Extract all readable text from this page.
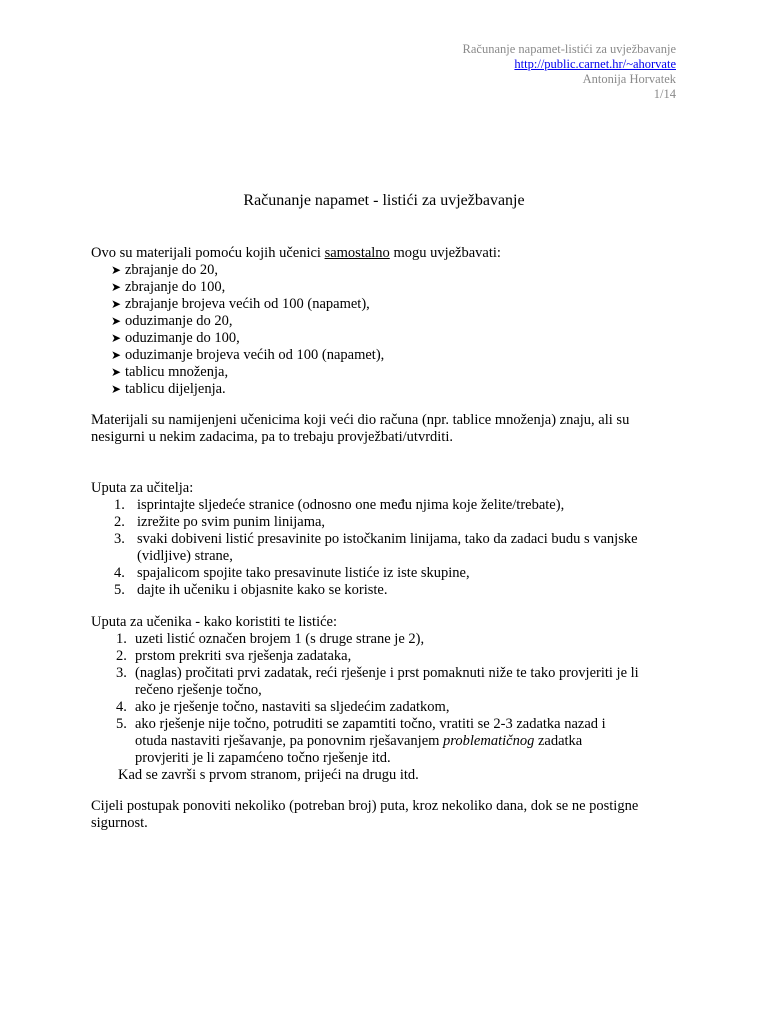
Računanje napamet-listići za uvježbavanje
http://public.carnet.hr/~ahorvate
Antonija Horvatek
1/14
Računanje napamet - listići za uvježbavanje
Ovo su materijali pomoću kojih učenici samostalno mogu uvježbavati:
➤ zbrajanje do 20,
➤ zbrajanje do 100,
➤ zbrajanje brojeva većih od 100 (napamet),
➤ oduzimanje do 20,
➤ oduzimanje do 100,
➤ oduzimanje brojeva većih od 100 (napamet),
➤ tablicu množenja,
➤ tablicu dijeljenja.
Materijali su namijenjeni učenicima koji veći dio računa (npr. tablice množenja) znaju, ali su
nesigurni u nekim zadacima, pa to trebaju provježbati/utvrditi.
Uputa za učitelja:
1. isprintajte sljedeće stranice (odnosno one među njima koje želite/trebate),
2. izrežite po svim punim linijama,
3. svaki dobiveni listić presavinite po istočkanim linijama, tako da zadaci budu s vanjske
(vidljive) strane,
4. spajalicom spojite tako presavinute listiće iz iste skupine,
5. dajte ih učeniku i objasnite kako se koriste.
Uputa za učenika - kako koristiti te listiće:
1. uzeti listić označen brojem 1 (s druge strane je 2),
2. prstom prekriti sva rješenja zadataka,
3. (naglas) pročitati prvi zadatak, reći rješenje i prst pomaknuti niže te tako provjeriti je li
rečeno rješenje točno,
4. ako je rješenje točno, nastaviti sa sljedećim zadatkom,
5. ako rješenje nije točno, potruditi se zapamtiti točno, vratiti se 2-3 zadatka nazad i
otuda nastaviti rješavanje, pa ponovnim rješavanjem problematičnog zadatka
provjeriti je li zapamćeno točno rješenje itd.
Kad se završi s prvom stranom, prijeći na drugu itd.
Cijeli postupak ponoviti nekoliko (potreban broj) puta, kroz nekoliko dana, dok se ne postigne
sigurnost.
